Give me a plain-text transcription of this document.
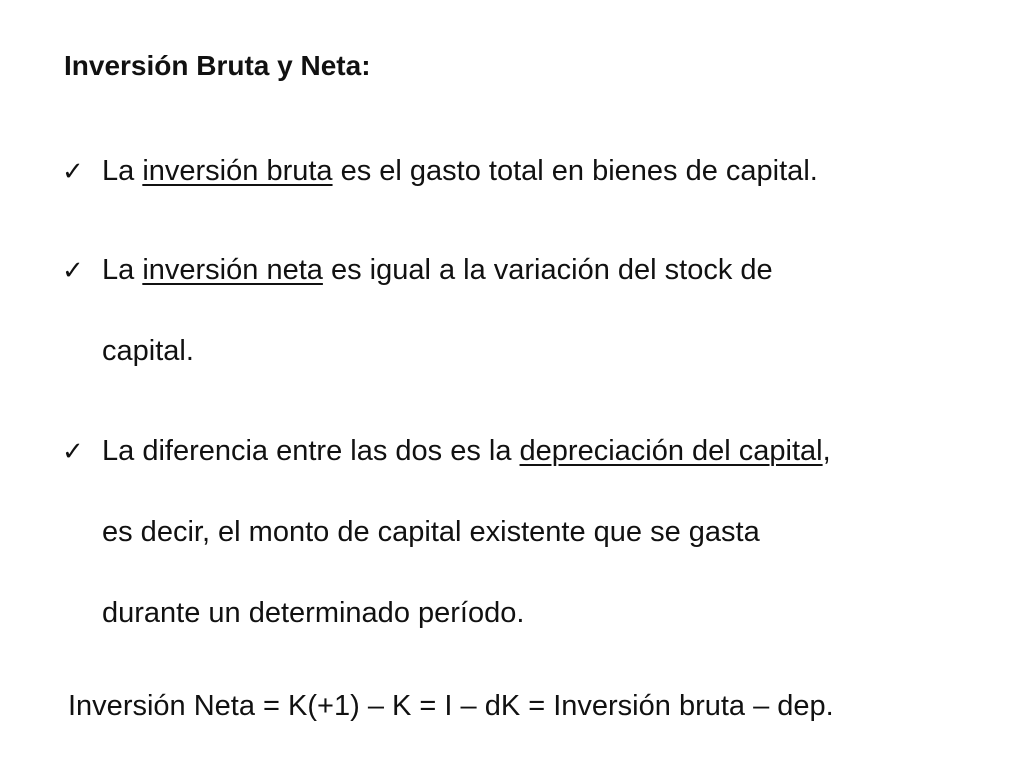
Inversión Bruta y Neta:
✓ La inversión bruta es el gasto total en bienes de capital.
✓ La inversión neta es igual a la variación del stock de
capital.
✓ La diferencia entre las dos es la depreciación del capital,
es decir, el monto de capital existente que se gasta
durante un determinado período.
Inversión Neta = K(+1) – K = I – dK = Inversión bruta – dep.
